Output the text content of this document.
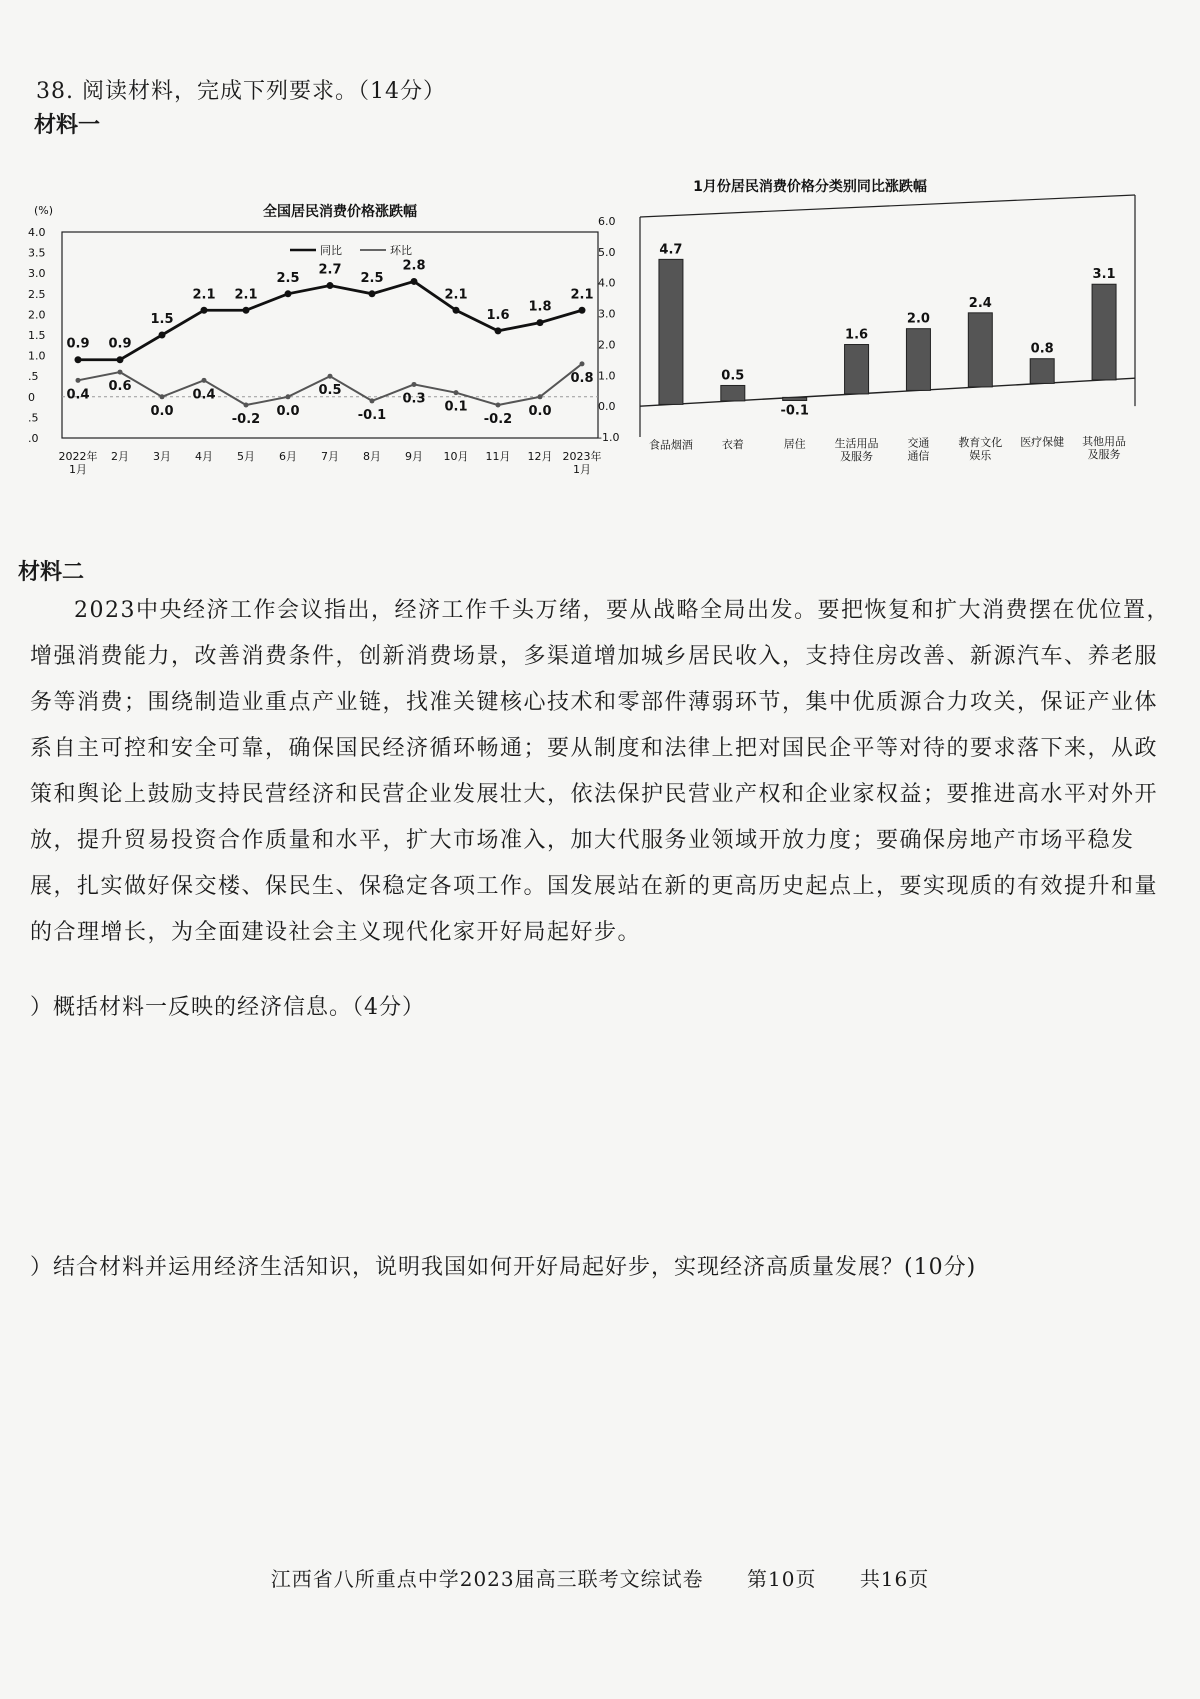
38. 阅读材料，完成下列要求。（14分）
材料一
全国居民消费价格涨跌幅
(%)
4.0
3.5
3.0
2.5
2.0
1.5
1.0
.5
0
.5
.0
2022年 1月
2月 3月 4月 5月 6月 7月 8月 9月 10月 11月 12月 2023年 1月
同比	环比
0.9 0.9
1.5
2.1 2.1
2.5
2.7
2.5
2.8
2.1
1.6
1.8
2.1
0.4
0.6
0.0
0.4
-0.2
0.0
0.5
-0.1
0.3
0.1
-0.2
0.0
0.8
1月份居民消费价格分类别同比涨跌幅
6.0
5.0
4.0
3.0
2.0
1.0
0.0
-1.0
4.7
食品烟酒
0.5
衣着
-0.1
居住
1.6
生活用品及服务
2.0
交通通信
2.4
教育文化娱乐
0.8
医疗保健
3.1
其他用品及服务
材料二

2023中央经济工作会议指出，经济工作千头万绪，要从战略全局出发。要把恢复和扩大消费摆在优位置，增强消费能力，改善消费条件，创新消费场景，多渠道增加城乡居民收入，支持住房改善、新源汽车、养老服务等消费；围绕制造业重点产业链，找准关键核心技术和零部件薄弱环节，集中优质源合力攻关，保证产业体系自主可控和安全可靠，确保国民经济循环畅通；要从制度和法律上把对国民企平等对待的要求落下来，从政策和舆论上鼓励支持民营经济和民营企业发展壮大，依法保护民营业产权和企业家权益；要推进高水平对外开放，提升贸易投资合作质量和水平，扩大市场准入，加大代服务业领域开放力度；要确保房地产市场平稳发展，扎实做好保交楼、保民生、保稳定各项工作。国发展站在新的更高历史起点上，要实现质的有效提升和量的合理增长，为全面建设社会主义现代化家开好局起好步。

）概括材料一反映的经济信息。（4分）
）结合材料并运用经济生活知识，说明我国如何开好局起好步，实现经济高质量发展？(10分)
江西省八所重点中学2023届高三联考文综试卷 第10页 共16页
